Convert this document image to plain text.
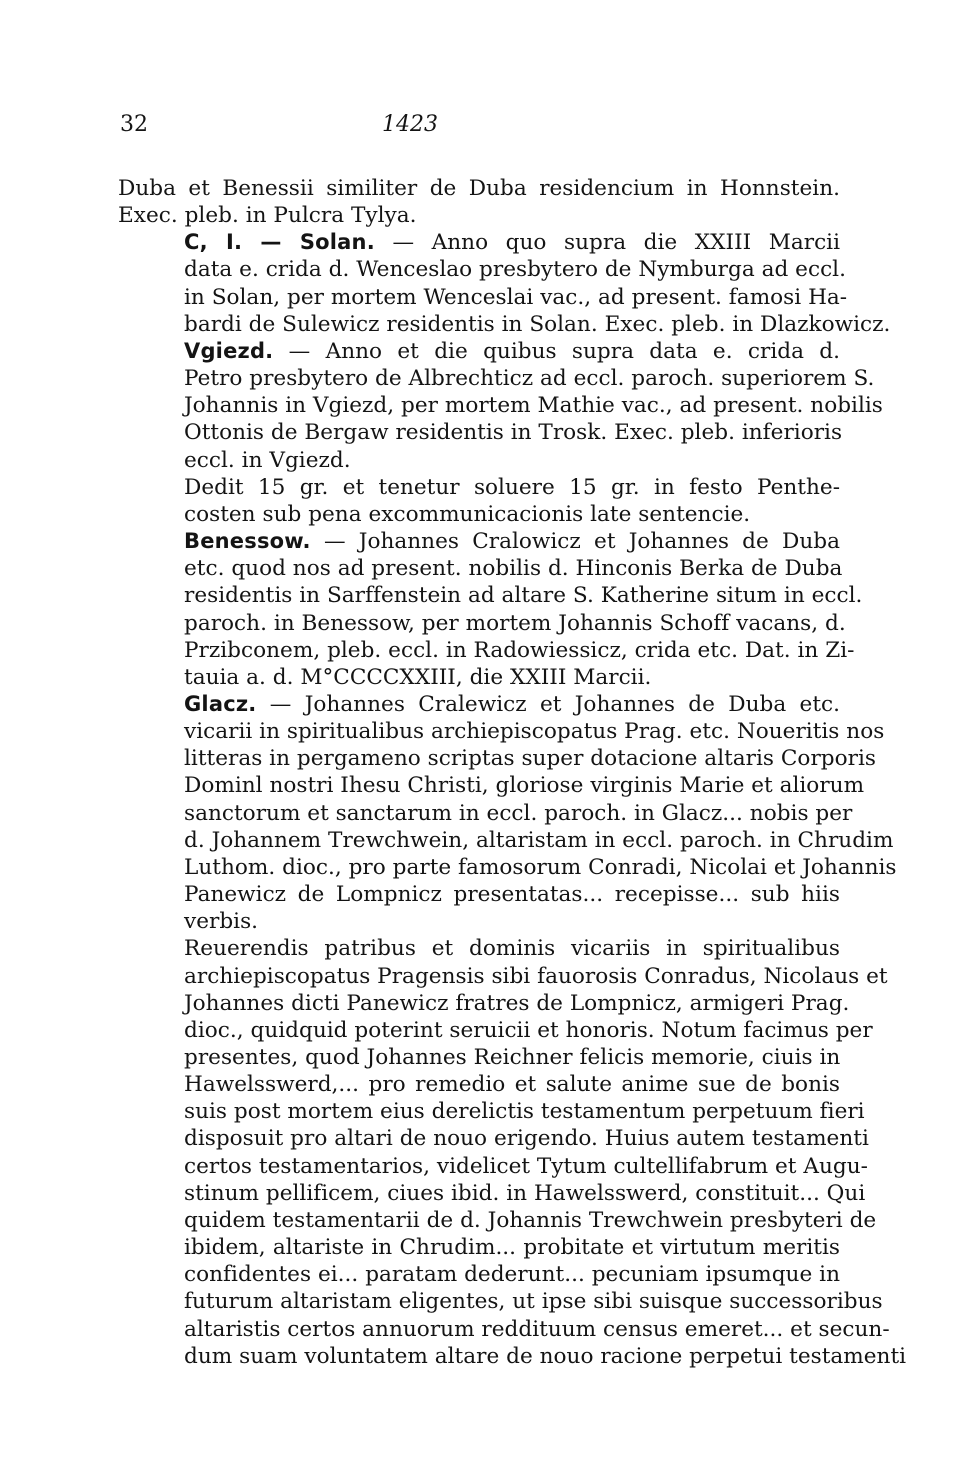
32	1423
Duba et Benessii similiter de Duba residencium in Honnstein.
Exec. pleb. in Pulcra Tylya.
C, I. — Solan. — Anno quo supra die XXIII Marcii
data e. crida d. Wenceslao presbytero de Nymburga ad eccl.
in Solan, per mortem Wenceslai vac., ad present. famosi Ha-
bardi de Sulewicz residentis in Solan. Exec. pleb. in Dlazkowicz.
Vgiezd. — Anno et die quibus supra data e. crida d.
Petro presbytero de Albrechticz ad eccl. paroch. superiorem S.
Johannis in Vgiezd, per mortem Mathie vac., ad present. nobilis
Ottonis de Bergaw residentis in Trosk. Exec. pleb. inferioris
eccl. in Vgiezd.
Dedit 15 gr. et tenetur soluere 15 gr. in festo Penthe-
costen sub pena excommunicacionis late sentencie.
Benessow. — Johannes Cralowicz et Johannes de Duba
etc. quod nos ad present. nobilis d. Hinconis Berka de Duba
residentis in Sarffenstein ad altare S. Katherine situm in eccl.
paroch. in Benessow, per mortem Johannis Schoff vacans, d.
Przibconem, pleb. eccl. in Radowiessicz, crida etc. Dat. in Zi-
tauia a. d. M°CCCCXXIII, die XXIII Marcii.
Glacz. — Johannes Cralewicz et Johannes de Duba etc.
vicarii in spiritualibus archiepiscopatus Prag. etc. Noueritis nos
litteras in pergameno scriptas super dotacione altaris Corporis
Dominl nostri Ihesu Christi, gloriose virginis Marie et aliorum
sanctorum et sanctarum in eccl. paroch. in Glacz... nobis per
d. Johannem Trewchwein, altaristam in eccl. paroch. in Chrudim
Luthom. dioc., pro parte famosorum Conradi, Nicolai et Johannis
Panewicz de Lompnicz presentatas... recepisse... sub hiis
verbis.
Reuerendis patribus et dominis vicariis in spiritualibus
archiepiscopatus Pragensis sibi fauorosis Conradus, Nicolaus et
Johannes dicti Panewicz fratres de Lompnicz, armigeri Prag.
dioc., quidquid poterint seruicii et honoris. Notum facimus per
presentes, quod Johannes Reichner felicis memorie, ciuis in
Hawelsswerd,... pro remedio et salute anime sue de bonis
suis post mortem eius derelictis testamentum perpetuum fieri
disposuit pro altari de nouo erigendo. Huius autem testamenti
certos testamentarios, videlicet Tytum cultellifabrum et Augu-
stinum pellificem, ciues ibid. in Hawelsswerd, constituit... Qui
quidem testamentarii de d. Johannis Trewchwein presbyteri de
ibidem, altariste in Chrudim... probitate et virtutum meritis
confidentes ei... paratam dederunt... pecuniam ipsumque in
futurum altaristam eligentes, ut ipse sibi suisque successoribus
altaristis certos annuorum reddituum census emeret... et secun-
dum suam voluntatem altare de nouo racione perpetui testamenti
